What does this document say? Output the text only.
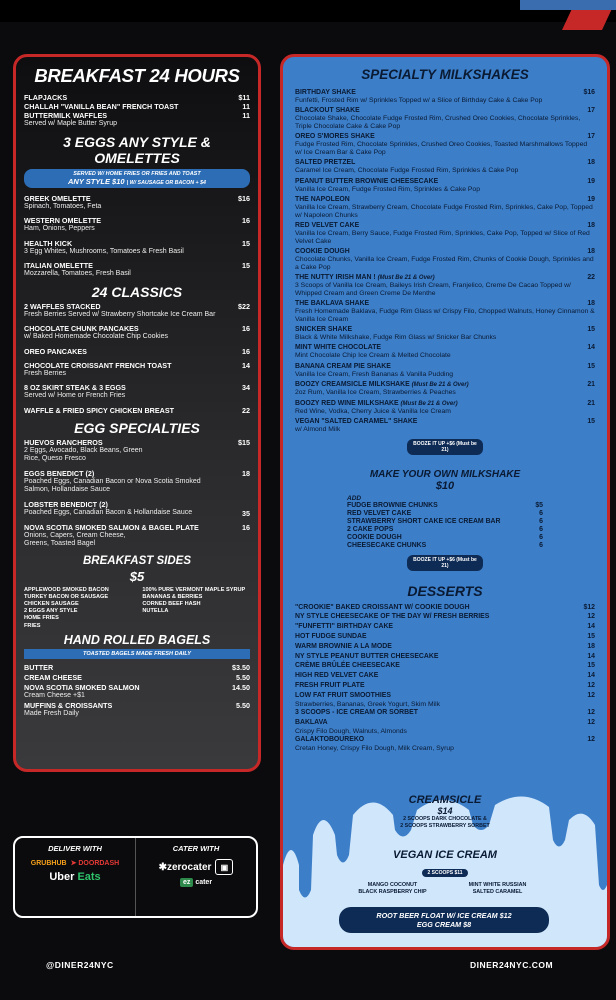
BREAKFAST 24 HOURS
FLAPJACKS	$11
CHALLAH "VANILLA BEAN" FRENCH TOAST	11
BUTTERMILK WAFFLES	11
Served w/ Maple Butter Syrup
3 EGGS ANY STYLE & OMELETTES
SERVED W/ HOME FRIES OR FRIES AND TOAST
ANY STYLE $10 | W/ SAUSAGE OR BACON + $4
GREEK OMELETTE	$16
Spinach, Tomatoes, Feta
WESTERN OMELETTE	16
Ham, Onions, Peppers
HEALTH KICK	15
3 Egg Whites, Mushrooms, Tomatoes & Fresh Basil
ITALIAN OMELETTE	15
Mozzarella, Tomatoes, Fresh Basil
24 CLASSICS
2 WAFFLES STACKED	$22
Fresh Berries Served w/ Strawberry Shortcake Ice Cream Bar
CHOCOLATE CHUNK PANCAKES	16
w/ Baked Homemade Chocolate Chip Cookies
OREO PANCAKES	16
CHOCOLATE CROISSANT FRENCH TOAST	14
Fresh Berries
8 OZ SKIRT STEAK & 3 EGGS	34
Served w/ Home or French Fries
WAFFLE & FRIED SPICY CHICKEN BREAST	22
EGG SPECIALTIES
HUEVOS RANCHEROS	$15
2 Eggs, Avocado, Black Beans, Green Rice, Queso Fresco
EGGS BENEDICT (2)	18
Poached Eggs, Canadian Bacon or Nova Scotia Smoked Salmon, Hollandaise Sauce
LOBSTER BENEDICT (2)
Poached Eggs, Canadian Bacon & Hollandaise Sauce	35
NOVA SCOTIA SMOKED SALMON & BAGEL PLATE	16
Onions, Capers, Cream Cheese, Greens, Toasted Bagel
BREAKFAST SIDES
$5
APPLEWOOD SMOKED BACON	100% PURE VERMONT MAPLE SYRUP
TURKEY BACON OR SAUSAGE	BANANAS & BERRIES
CHICKEN SAUSAGE	CORNED BEEF HASH
2 EGGS ANY STYLE	NUTELLA
HOME FRIES
FRIES
HAND ROLLED BAGELS
TOASTED BAGELS MADE FRESH DAILY
BUTTER	$3.50
CREAM CHEESE	5.50
NOVA SCOTIA SMOKED SALMON	14.50
Cream Cheese +$1
MUFFINS & CROISSANTS	5.50
Made Fresh Daily
DELIVER WITH
GRUBHUB ➤ DOORDASH
Uber Eats
CATER WITH
✱zerocater	▣
ez cater
@DINER24NYC	DINER24NYC.COM
SPECIALTY MILKSHAKES
BIRTHDAY SHAKE	$16
Funfetti, Frosted Rim w/ Sprinkles Topped w/ a Slice of Birthday Cake & Cake Pop
BLACKOUT SHAKE	17
Chocolate Shake, Chocolate Fudge Frosted Rim, Crushed Oreo Cookies, Chocolate Sprinkles, Triple Chocolate Cake & Cake Pop
OREO S'MORES SHAKE	17
Fudge Frosted Rim, Chocolate Sprinkles, Crushed Oreo Cookies, Toasted Marshmallows Topped w/ Ice Cream Bar & Cake Pop
SALTED PRETZEL	18
Caramel Ice Cream, Chocolate Fudge Frosted Rim, Sprinkles & Cake Pop
PEANUT BUTTER BROWNIE CHEESECAKE	19
Vanilla Ice Cream, Fudge Frosted Rim, Sprinkles & Cake Pop
THE NAPOLEON	19
Vanilla Ice Cream, Strawberry Cream, Chocolate Fudge Frosted Rim, Sprinkles, Cake Pop, Topped w/ Napoleon Chunks
RED VELVET CAKE	18
Vanilla Ice Cream, Berry Sauce, Fudge Frosted Rim, Sprinkles, Cake Pop, Topped w/ Slice of Red Velvet Cake
COOKIE DOUGH	18
Chocolate Chunks, Vanilla Ice Cream, Fudge Frosted Rim, Chunks of Cookie Dough, Sprinkles and a Cake Pop
THE NUTTY IRISH MAN ! (Must Be 21 & Over)	22
3 Scoops of Vanilla Ice Cream, Baileys Irish Cream, Franjelico, Creme De Cacao Topped w/ Whipped Cream and Green Creme De Menthe
THE BAKLAVA SHAKE	18
Fresh Homemade Baklava, Fudge Rim Glass w/ Crispy Filo, Chopped Walnuts, Honey Cinnamon & Vanilla Ice Cream
SNICKER SHAKE	15
Black & White Milkshake, Fudge Rim Glass w/ Snicker Bar Chunks
MINT WHITE CHOCOLATE	14
Mint Chocolate Chip Ice Cream & Melted Chocolate
BANANA CREAM PIE SHAKE	15
Vanilla Ice Cream, Fresh Bananas & Vanilla Pudding
BOOZY CREAMSICLE MILKSHAKE (Must Be 21 & Over)	21
2oz Rum, Vanilla Ice Cream, Strawberries & Peaches
BOOZY RED WINE MILKSHAKE (Must Be 21 & Over)	21
Red Wine, Vodka, Cherry Juice & Vanilla Ice Cream
VEGAN "SALTED CARAMEL" SHAKE	15
w/ Almond Milk
BOOZE IT UP +$6 (Must be 21)
MAKE YOUR OWN MILKSHAKE
$10
ADD
FUDGE BROWNIE CHUNKS	$5
RED VELVET CAKE	6
STRAWBERRY SHORT CAKE ICE CREAM BAR	6
2 CAKE POPS	6
COOKIE DOUGH	6
CHEESECAKE CHUNKS	6
BOOZE IT UP +$6 (Must be 21)
DESSERTS
"CROOKIE" BAKED CROISSANT W/ COOKIE DOUGH	$12
NY STYLE CHEESECAKE OF THE DAY W/ FRESH BERRIES	12
"FUNFETTI" BIRTHDAY CAKE	14
HOT FUDGE SUNDAE	15
WARM BROWNIE A LA MODE	18
NY STYLE PEANUT BUTTER CHEESECAKE	14
CRÈME BRÛLÉE CHEESECAKE	15
HIGH RED VELVET CAKE	14
FRESH FRUIT PLATE	12
LOW FAT FRUIT SMOOTHIES	12
Strawberries, Bananas, Greek Yogurt, Skim Milk
3 SCOOPS - ICE CREAM OR SORBET	12
BAKLAVA	12
Crispy Filo Dough, Walnuts, Almonds
GALAKTOBOUREKO	12
Cretan Honey, Crispy Filo Dough, Milk Cream, Syrup
CREAMSICLE
$14
2 SCOOPS DARK CHOCOLATE &
2 SCOOPS STRAWBERRY SORBET
VEGAN ICE CREAM
2 SCOOPS $11
MANGO COCONUT	MINT WHITE RUSSIAN
BLACK RASPBERRY CHIP	SALTED CARAMEL
ROOT BEER FLOAT W/ ICE CREAM $12
EGG CREAM $8
